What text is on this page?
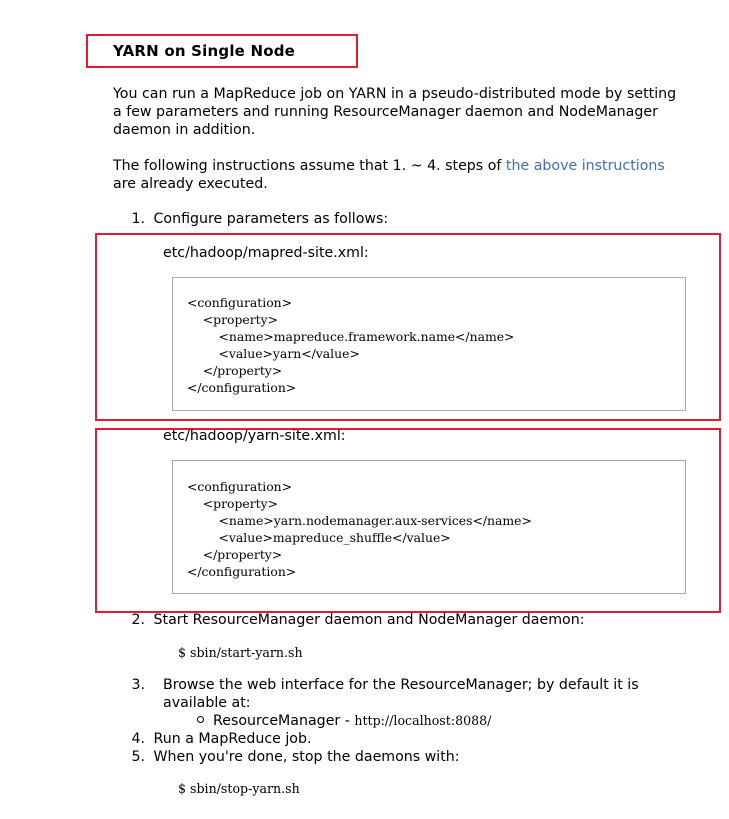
YARN on Single Node
You can run a MapReduce job on YARN in a pseudo-distributed mode by setting a few parameters and running ResourceManager daemon and NodeManager daemon in addition.
The following instructions assume that 1. ~ 4. steps of the above instructions are already executed.
1. Configure parameters as follows:
etc/hadoop/mapred-site.xml:
<configuration>
<property>
<name>mapreduce.framework.name</name>
<value>yarn</value>
</property>
</configuration>
etc/hadoop/yarn-site.xml:
<configuration>
<property>
<name>yarn.nodemanager.aux-services</name>
<value>mapreduce_shuffle</value>
</property>
</configuration>
2. Start ResourceManager daemon and NodeManager daemon:
$ sbin/start-yarn.sh
3. Browse the web interface for the ResourceManager; by default it is available at:
ResourceManager - http://localhost:8088/
4. Run a MapReduce job.
5. When you're done, stop the daemons with:
$ sbin/stop-yarn.sh
